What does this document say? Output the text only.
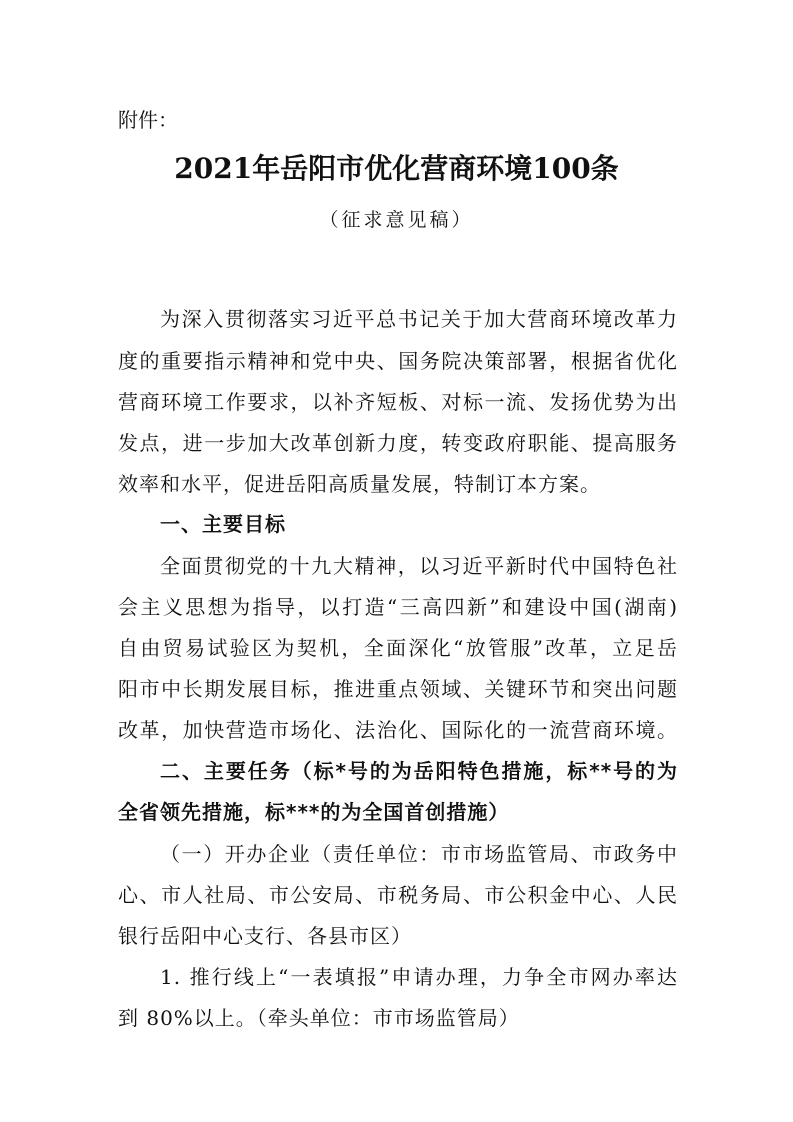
附件：

2021年岳阳市优化营商环境100条

（征求意见稿）

为深入贯彻落实习近平总书记关于加大营商环境改革力

度的重要指示精神和党中央、国务院决策部署，根据省优化

营商环境工作要求，以补齐短板、对标一流、发扬优势为出

发点，进一步加大改革创新力度，转变政府职能、提高服务

效率和水平，促进岳阳高质量发展，特制订本方案。

一、主要目标

全面贯彻党的十九大精神，以习近平新时代中国特色社

会主义思想为指导，以打造“三高四新”和建设中国(湖南)

自由贸易试验区为契机，全面深化“放管服”改革，立足岳

阳市中长期发展目标，推进重点领域、关键环节和突出问题

改革，加快营造市场化、法治化、国际化的一流营商环境。

二、主要任务（标*号的为岳阳特色措施，标**号的为

全省领先措施，标***的为全国首创措施）

（一）开办企业（责任单位：市市场监管局、市政务中

心、市人社局、市公安局、市税务局、市公积金中心、人民

银行岳阳中心支行、各县市区）

1. 推行线上“一表填报”申请办理，力争全市网办率达

到 80%以上。（牵头单位：市市场监管局）
